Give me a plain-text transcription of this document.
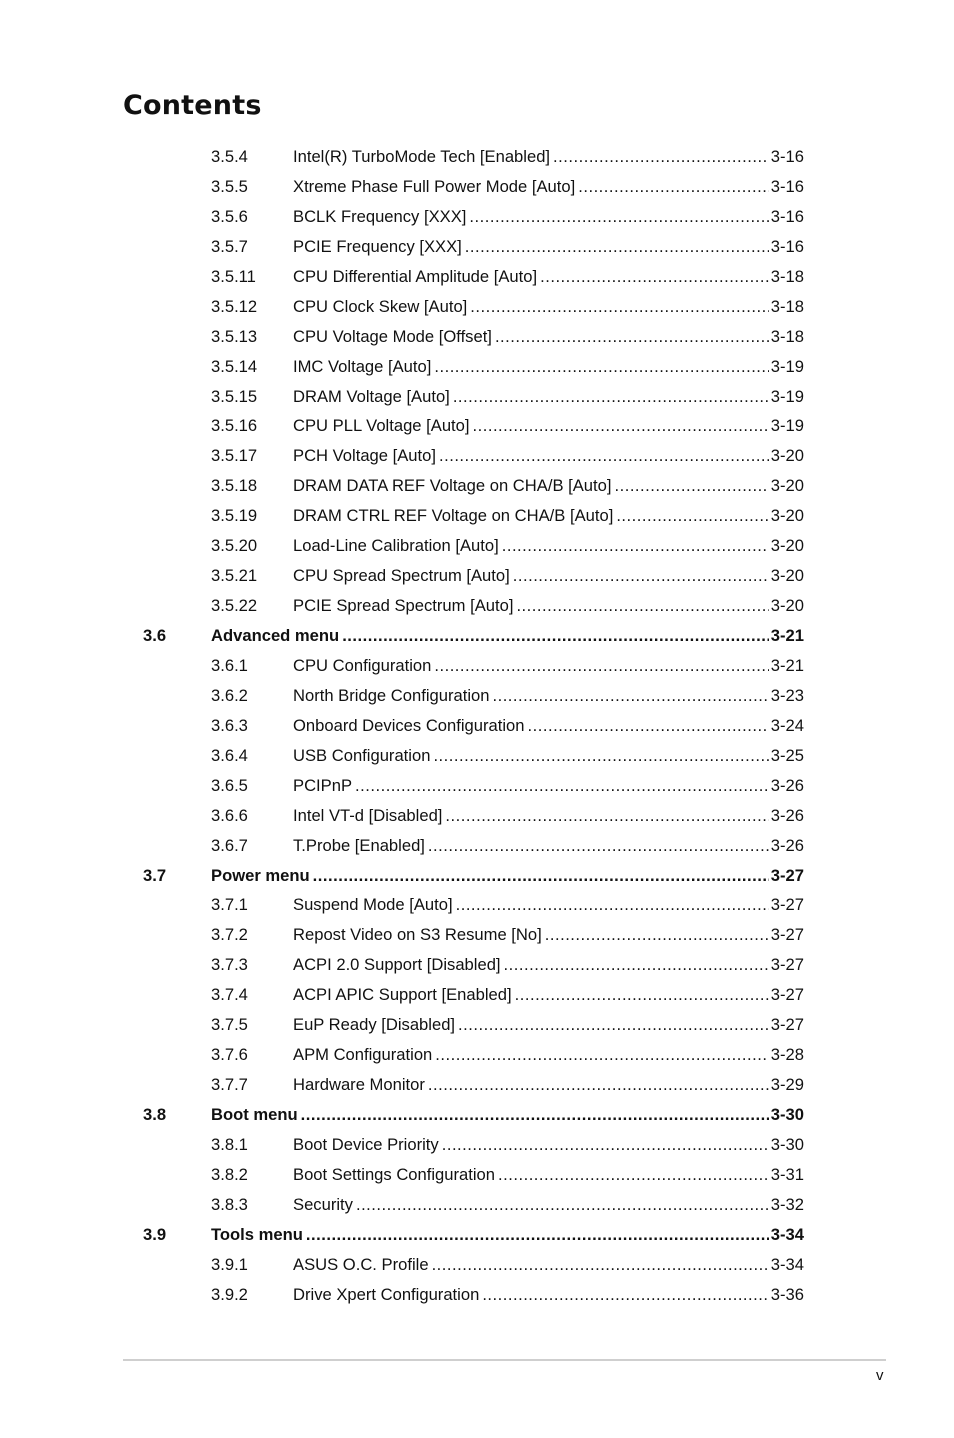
Contents
3.5.4	Intel(R) TurboMode Tech [Enabled] .....	3-16
3.5.5	Xtreme Phase Full Power Mode [Auto] .....	3-16
3.5.6	BCLK Frequency [XXX] .....	3-16
3.5.7	PCIE Frequency [XXX] .....	3-16
3.5.11 CPU Differential Amplitude [Auto] .....	3-18
3.5.12 CPU Clock Skew [Auto] .....	3-18
3.5.13 CPU Voltage Mode [Offset] .....	3-18
3.5.14 IMC Voltage [Auto] .....	3-19
3.5.15 DRAM Voltage [Auto] .....	3-19
3.5.16 CPU PLL Voltage [Auto] .....	3-19
3.5.17 PCH Voltage [Auto] .....	3-20
3.5.18 DRAM DATA REF Voltage on CHA/B [Auto] .....	3-20
3.5.19 DRAM CTRL REF Voltage on CHA/B [Auto] .....	3-20
3.5.20 Load-Line Calibration [Auto] .....	3-20
3.5.21 CPU Spread Spectrum [Auto] .....	3-20
3.5.22 PCIE Spread Spectrum [Auto] .....	3-20
3.6	Advanced menu .....	3-21
3.6.1	CPU Configuration .....	3-21
3.6.2	North Bridge Configuration .....	3-23
3.6.3	Onboard Devices Configuration .....	3-24
3.6.4	USB Configuration .....	3-25
3.6.5	PCIPnP .....	3-26
3.6.6	Intel VT-d [Disabled] .....	3-26
3.6.7	T.Probe [Enabled] .....	3-26
3.7	Power menu .....	3-27
3.7.1	Suspend Mode [Auto] .....	3-27
3.7.2	Repost Video on S3 Resume [No] .....	3-27
3.7.3	ACPI 2.0 Support [Disabled] .....	3-27
3.7.4	ACPI APIC Support [Enabled] .....	3-27
3.7.5	EuP Ready [Disabled] .....	3-27
3.7.6	APM Configuration .....	3-28
3.7.7	Hardware Monitor .....	3-29
3.8	Boot menu .....	3-30
3.8.1	Boot Device Priority .....	3-30
3.8.2	Boot Settings Configuration .....	3-31
3.8.3	Security .....	3-32
3.9	Tools menu .....	3-34
3.9.1	ASUS O.C. Profile .....	3-34
3.9.2	Drive Xpert Configuration .....	3-36
v
